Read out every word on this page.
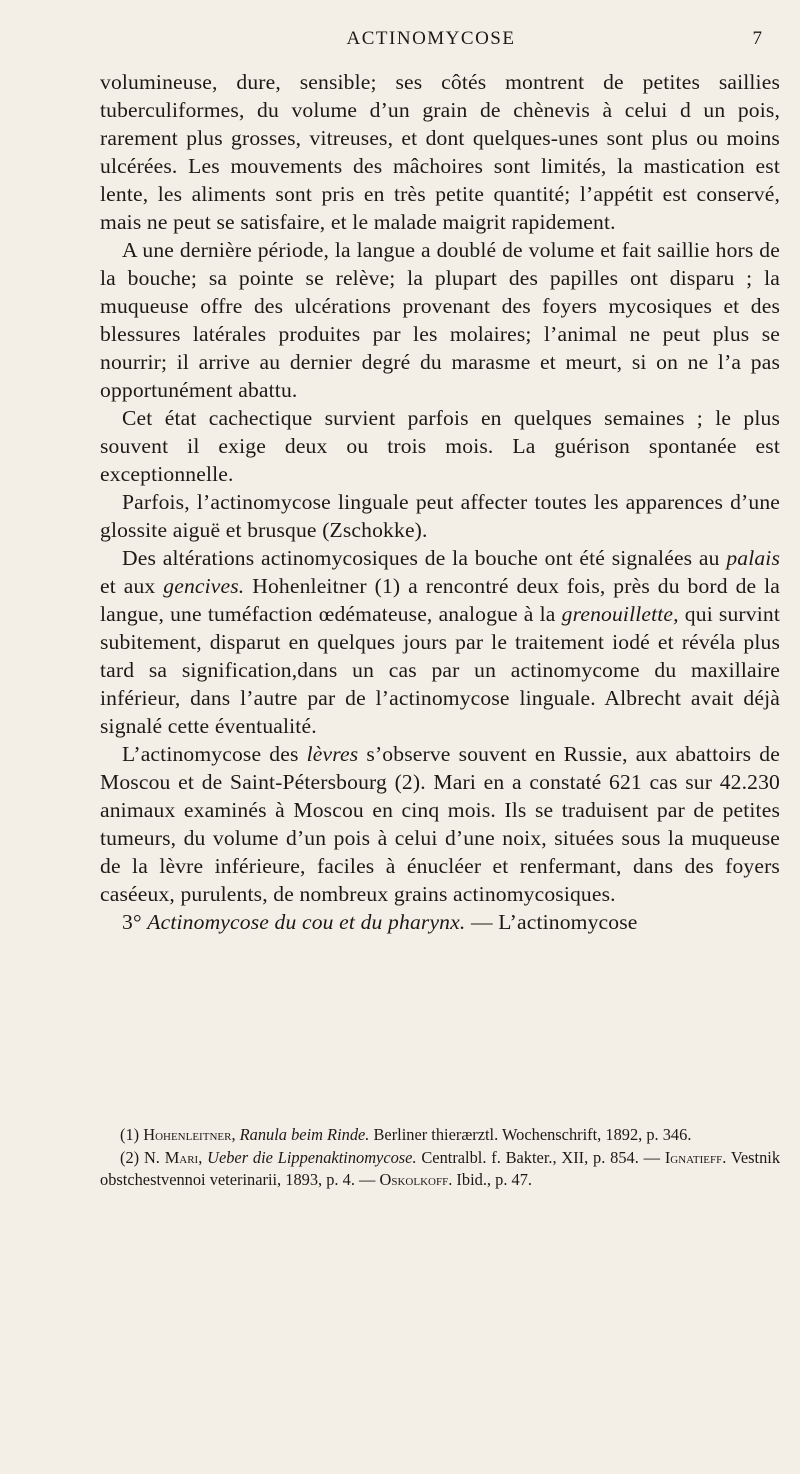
ACTINOMYCOSE	7

volumineuse, dure, sensible; ses côtés montrent de petites saillies tuberculiformes, du volume d’un grain de chènevis à celui d un pois, rarement plus grosses, vitreuses, et dont quelques-unes sont plus ou moins ulcérées. Les mouvements des mâchoires sont limités, la mastication est lente, les aliments sont pris en très petite quantité; l’appétit est conservé, mais ne peut se satisfaire, et le malade maigrit rapidement.

A une dernière période, la langue a doublé de volume et fait saillie hors de la bouche; sa pointe se relève; la plupart des papilles ont disparu ; la muqueuse offre des ulcérations provenant des foyers mycosiques et des blessures latérales produites par les molaires; l’animal ne peut plus se nourrir; il arrive au dernier degré du marasme et meurt, si on ne l’a pas opportunément abattu.

Cet état cachectique survient parfois en quelques semaines ; le plus souvent il exige deux ou trois mois. La guérison spontanée est exceptionnelle.

Parfois, l’actinomycose linguale peut affecter toutes les apparences d’une glossite aiguë et brusque (Zschokke).

Des altérations actinomycosiques de la bouche ont été signalées au palais et aux gencives. Hohenleitner (1) a rencontré deux fois, près du bord de la langue, une tuméfaction œdémateuse, analogue à la grenouillette, qui survint subitement, disparut en quelques jours par le traitement iodé et révéla plus tard sa signification,dans un cas par un actinomycome du maxillaire inférieur, dans l’autre par de l’actinomycose linguale. Albrecht avait déjà signalé cette éventualité.

L’actinomycose des lèvres s’observe souvent en Russie, aux abattoirs de Moscou et de Saint-Pétersbourg (2). Mari en a constaté 621 cas sur 42.230 animaux examinés à Moscou en cinq mois. Ils se traduisent par de petites tumeurs, du volume d’un pois à celui d’une noix, situées sous la muqueuse de la lèvre inférieure, faciles à énucléer et renfermant, dans des foyers caséeux, purulents, de nombreux grains actinomycosiques.

3° Actinomycose du cou et du pharynx. — L’actinomycose

(1) Hohenleitner, Ranula beim Rinde. Berliner thierærztl. Wochenschrift, 1892, p. 346.

(2) N. Mari, Ueber die Lippenaktinomycose. Centralbl. f. Bakter., XII, p. 854. — Ignatieff. Vestnik obstchestvennoi veterinarii, 1893, p. 4. — Oskolkoff. Ibid., p. 47.
